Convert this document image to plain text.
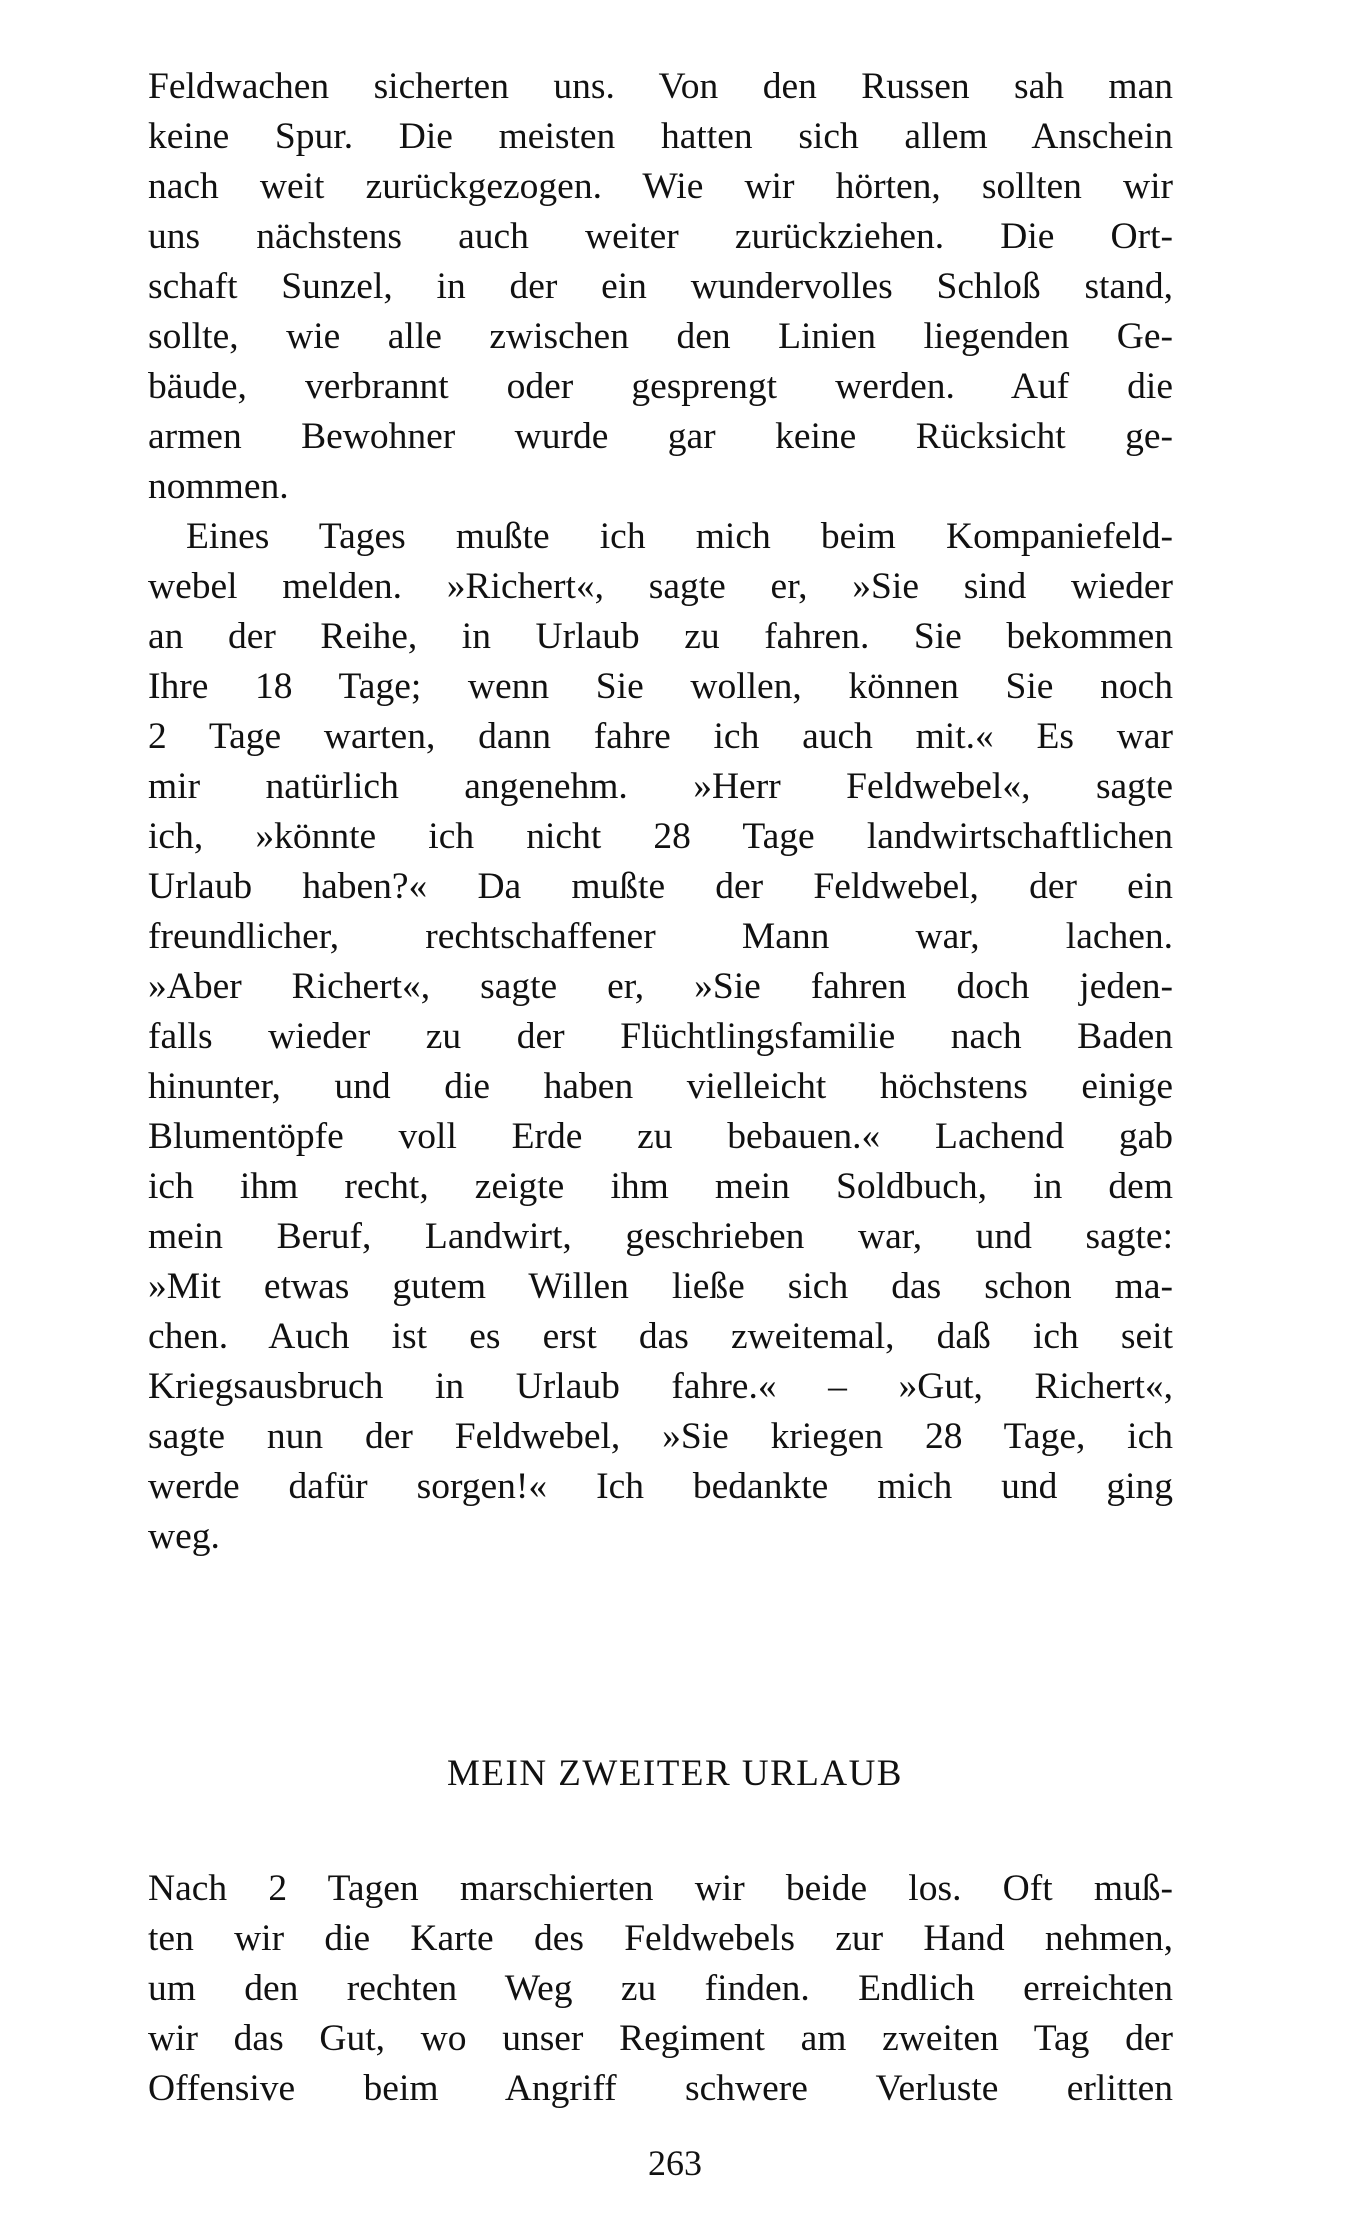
Feldwachen sicherten uns. Von den Russen sah man
keine Spur. Die meisten hatten sich allem Anschein
nach weit zurückgezogen. Wie wir hörten, sollten wir
uns nächstens auch weiter zurückziehen. Die Ort-
schaft Sunzel, in der ein wundervolles Schloß stand,
sollte, wie alle zwischen den Linien liegenden Ge-
bäude, verbrannt oder gesprengt werden. Auf die
armen Bewohner wurde gar keine Rücksicht ge-
nommen.
Eines Tages mußte ich mich beim Kompaniefeld-
webel melden. »Richert«, sagte er, »Sie sind wieder
an der Reihe, in Urlaub zu fahren. Sie bekommen
Ihre 18 Tage; wenn Sie wollen, können Sie noch
2 Tage warten, dann fahre ich auch mit.« Es war
mir natürlich angenehm. »Herr Feldwebel«, sagte
ich, »könnte ich nicht 28 Tage landwirtschaftlichen
Urlaub haben?« Da mußte der Feldwebel, der ein
freundlicher, rechtschaffener Mann war, lachen.
»Aber Richert«, sagte er, »Sie fahren doch jeden-
falls wieder zu der Flüchtlingsfamilie nach Baden
hinunter, und die haben vielleicht höchstens einige
Blumentöpfe voll Erde zu bebauen.« Lachend gab
ich ihm recht, zeigte ihm mein Soldbuch, in dem
mein Beruf, Landwirt, geschrieben war, und sagte:
»Mit etwas gutem Willen ließe sich das schon ma-
chen. Auch ist es erst das zweitemal, daß ich seit
Kriegsausbruch in Urlaub fahre.« – »Gut, Richert«,
sagte nun der Feldwebel, »Sie kriegen 28 Tage, ich
werde dafür sorgen!« Ich bedankte mich und ging
weg.
MEIN ZWEITER URLAUB
Nach 2 Tagen marschierten wir beide los. Oft muß-
ten wir die Karte des Feldwebels zur Hand nehmen,
um den rechten Weg zu finden. Endlich erreichten
wir das Gut, wo unser Regiment am zweiten Tag der
Offensive beim Angriff schwere Verluste erlitten
263
